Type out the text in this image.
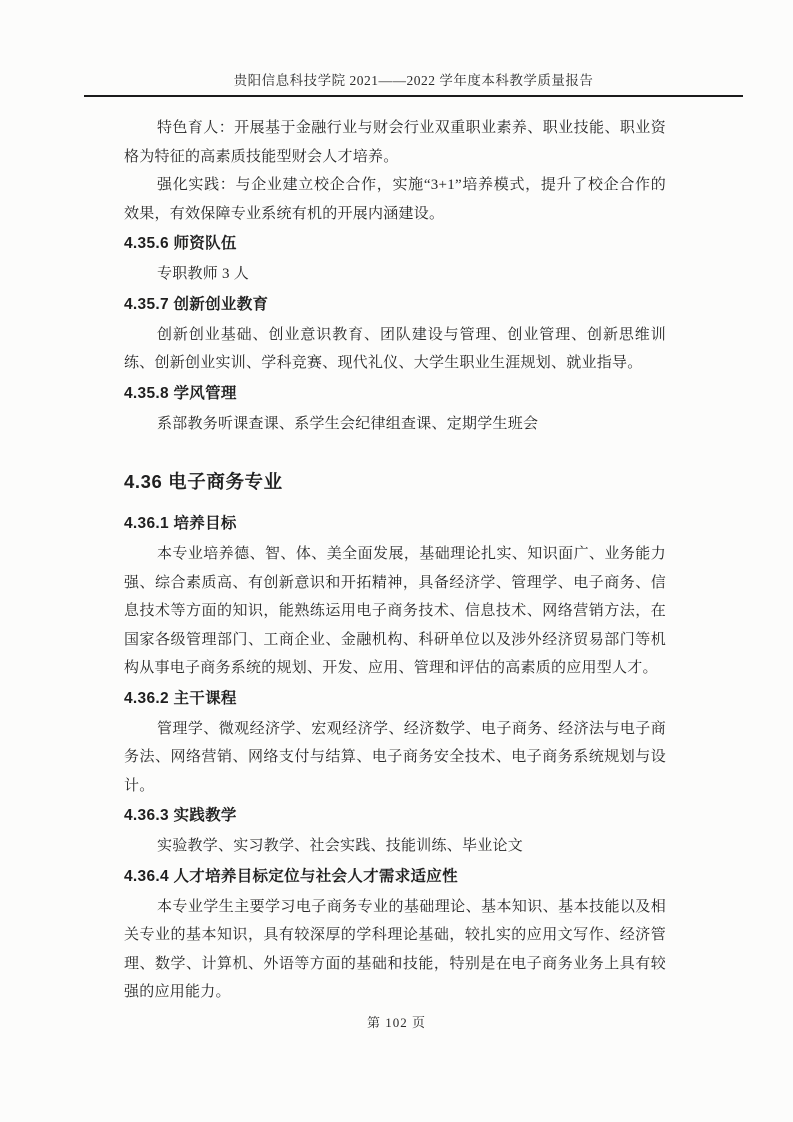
贵阳信息科技学院 2021——2022 学年度本科教学质量报告

特色育人：开展基于金融行业与财会行业双重职业素养、职业技能、职业资格为特征的高素质技能型财会人才培养。

强化实践：与企业建立校企合作，实施“3+1”培养模式，提升了校企合作的效果，有效保障专业系统有机的开展内涵建设。

4.35.6 师资队伍

专职教师 3 人

4.35.7 创新创业教育

创新创业基础、创业意识教育、团队建设与管理、创业管理、创新思维训练、创新创业实训、学科竞赛、现代礼仪、大学生职业生涯规划、就业指导。

4.35.8 学风管理

系部教务听课查课、系学生会纪律组查课、定期学生班会

4.36 电子商务专业
4.36.1 培养目标

本专业培养德、智、体、美全面发展，基础理论扎实、知识面广、业务能力强、综合素质高、有创新意识和开拓精神，具备经济学、管理学、电子商务、信息技术等方面的知识，能熟练运用电子商务技术、信息技术、网络营销方法，在国家各级管理部门、工商企业、金融机构、科研单位以及涉外经济贸易部门等机构从事电子商务系统的规划、开发、应用、管理和评估的高素质的应用型人才。

4.36.2 主干课程

管理学、微观经济学、宏观经济学、经济数学、电子商务、经济法与电子商务法、网络营销、网络支付与结算、电子商务安全技术、电子商务系统规划与设计。

4.36.3 实践教学

实验教学、实习教学、社会实践、技能训练、毕业论文

4.36.4 人才培养目标定位与社会人才需求适应性

本专业学生主要学习电子商务专业的基础理论、基本知识、基本技能以及相关专业的基本知识，具有较深厚的学科理论基础，较扎实的应用文写作、经济管理、数学、计算机、外语等方面的基础和技能，特别是在电子商务业务上具有较强的应用能力。

第 102 页
